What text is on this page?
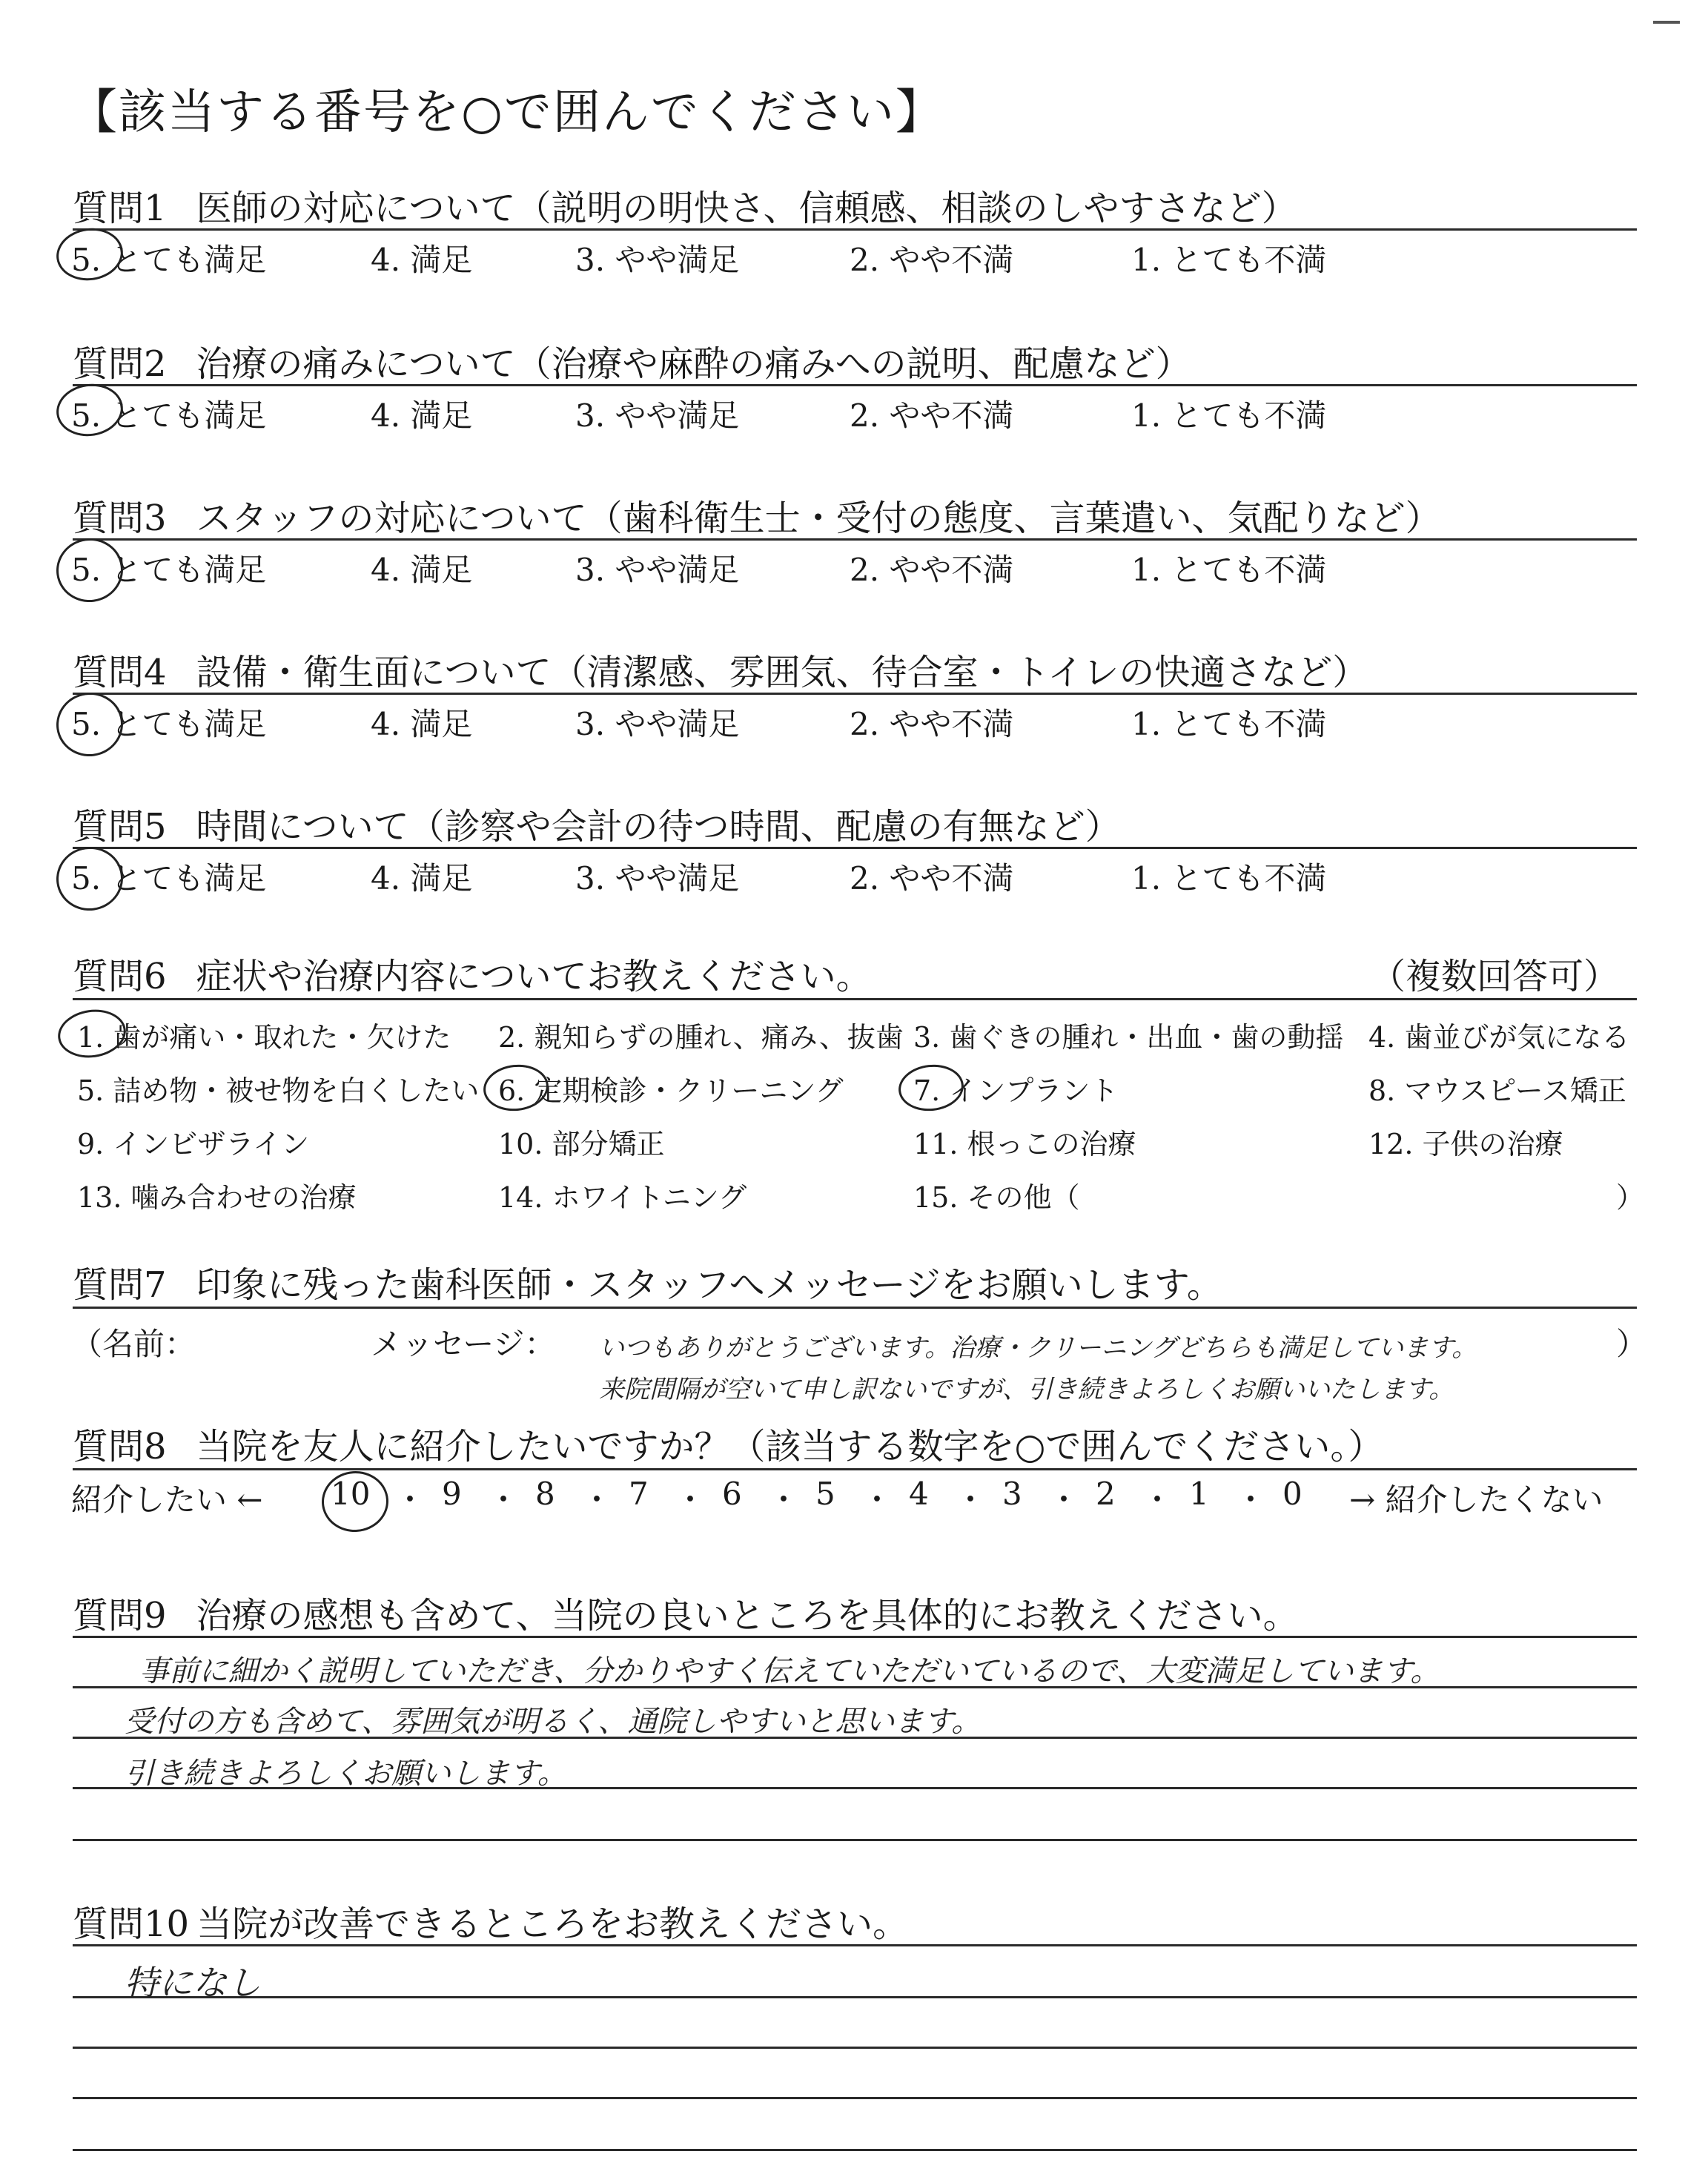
【該当する番号を○で囲んでください】
質問1 医師の対応について（説明の明快さ、信頼感、相談のしやすさなど）
5. とても満足	4. 満足	3. やや満足	2. やや不満	1. とても不満
質問2 治療の痛みについて（治療や麻酔の痛みへの説明、配慮など）
5. とても満足	4. 満足	3. やや満足	2. やや不満	1. とても不満
質問3 スタッフの対応について（歯科衛生士・受付の態度、言葉遣い、気配りなど）
5. とても満足	4. 満足	3. やや満足	2. やや不満	1. とても不満
質問4 設備・衛生面について（清潔感、雰囲気、待合室・トイレの快適さなど）
5. とても満足	4. 満足	3. やや満足	2. やや不満	1. とても不満
質問5 時間について（診察や会計の待つ時間、配慮の有無など）
5. とても満足	4. 満足	3. やや満足	2. やや不満	1. とても不満
質問6 症状や治療内容についてお教えください。	（複数回答可）
1. 歯が痛い・取れた・欠けた 2. 親知らずの腫れ、痛み、抜歯 3. 歯ぐきの腫れ・出血・歯の動揺 4. 歯並びが気になる
5. 詰め物・被せ物を白くしたい 6. 定期検診・クリーニング 7. インプラント	8. マウスピース矯正
9. インビザライン	10. 部分矯正	11. 根っこの治療	12. 子供の治療
13. 噛み合わせの治療	14. ホワイトニング	15. その他（	）
質問7 印象に残った歯科医師・スタッフへメッセージをお願いします。
（名前：	メッセージ：	）
いつもありがとうございます。治療・クリーニングどちらも満足しています。
来院間隔が空いて申し訳ないですが、引き続きよろしくお願いいたします。
質問8 当院を友人に紹介したいですか？（該当する数字を○で囲んでください。）
紹介したい ← 10 ・ 9 ・ 8 ・ 7 ・ 6 ・ 5 ・ 4 ・ 3 ・ 2 ・ 1 ・ 0 → 紹介したくない
質問9 治療の感想も含めて、当院の良いところを具体的にお教えください。
事前に細かく説明していただき、分かりやすく伝えていただいているので、大変満足しています。
受付の方も含めて、雰囲気が明るく、通院しやすいと思います。
引き続きよろしくお願いします。
質問10 当院が改善できるところをお教えください。
特になし
